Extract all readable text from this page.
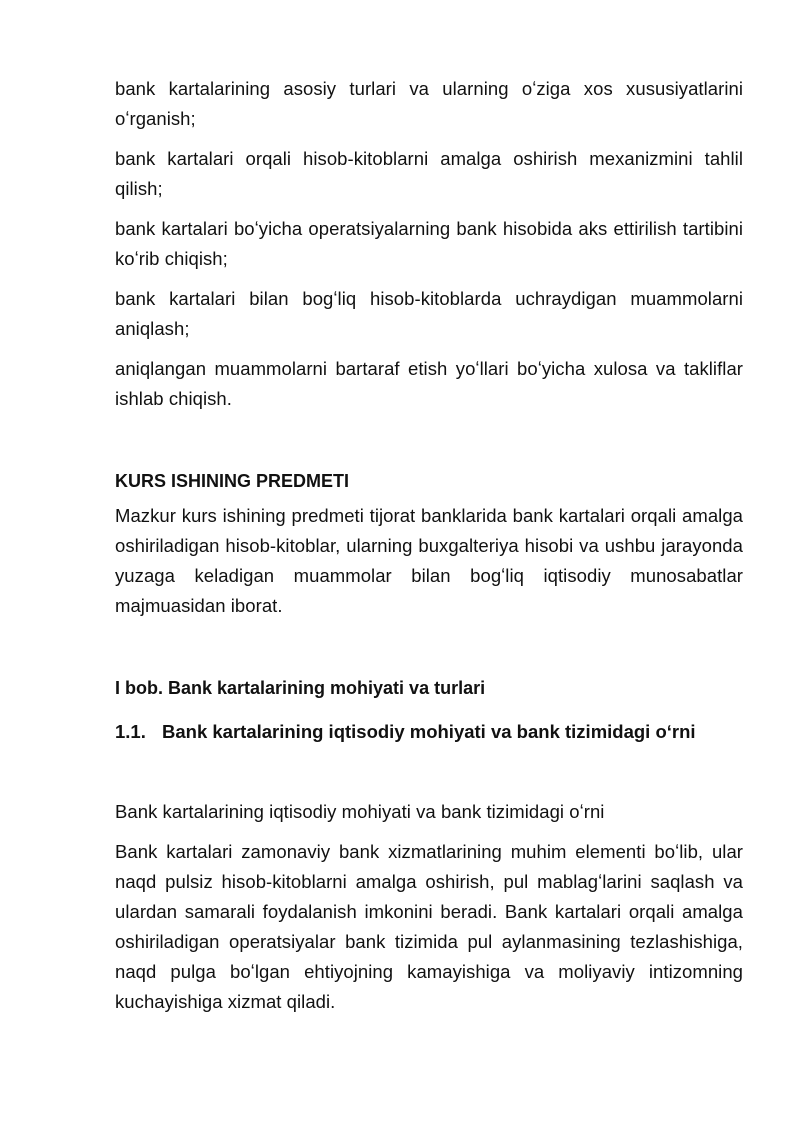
bank kartalarining asosiy turlari va ularning oʻziga xos xususiyatlarini oʻrganish;

bank kartalari orqali hisob-kitoblarni amalga oshirish mexanizmini tahlil qilish;

bank kartalari boʻyicha operatsiyalarning bank hisobida aks ettirilish tartibini koʻrib chiqish;

bank kartalari bilan bogʻliq hisob-kitoblarda uchraydigan muammolarni aniqlash;

aniqlangan muammolarni bartaraf etish yoʻllari boʻyicha xulosa va takliflar ishlab chiqish.

KURS ISHINING PREDMETI

Mazkur kurs ishining predmeti tijorat banklarida bank kartalari orqali amalga oshiriladigan hisob-kitoblar, ularning buxgalteriya hisobi va ushbu jarayonda yuzaga keladigan muammolar bilan bogʻliq iqtisodiy munosabatlar majmuasidan iborat.

I bob. Bank kartalarining mohiyati va turlari
1.1. Bank kartalarining iqtisodiy mohiyati va bank tizimidagi oʻrni

Bank kartalarining iqtisodiy mohiyati va bank tizimidagi oʻrni

Bank kartalari zamonaviy bank xizmatlarining muhim elementi boʻlib, ular naqd pulsiz hisob-kitoblarni amalga oshirish, pul mablagʻlarini saqlash va ulardan samarali foydalanish imkonini beradi. Bank kartalari orqali amalga oshiriladigan operatsiyalar bank tizimida pul aylanmasining tezlashishiga, naqd pulga boʻlgan ehtiyojning kamayishiga va moliyaviy intizomning kuchayishiga xizmat qiladi.
